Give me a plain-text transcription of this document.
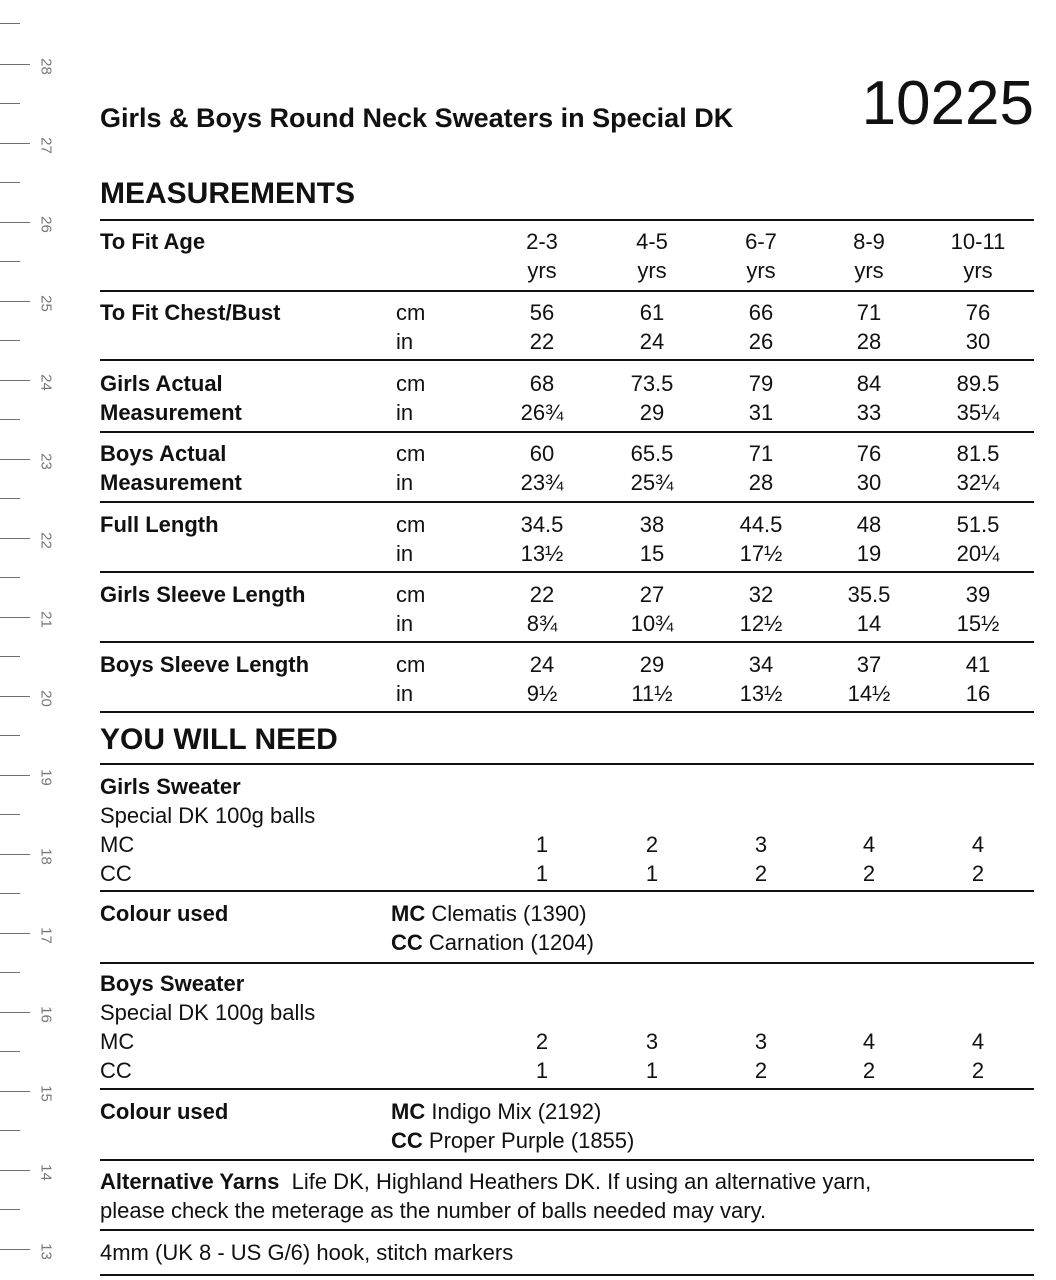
28
27
26
25
24
23
22
21
20
19
18
17
16
15
14
13
10225
Girls & Boys Round Neck Sweaters in Special DK
MEASUREMENTS
To Fit Age	2-3	4-5	6-7	8-9	10-11
yrs	yrs	yrs	yrs	yrs
To Fit Chest/Bust	cm	56	61	66	71	76
in	22	24	26	28	30
Girls Actual	cm	68	73.5	79	84	89.5
Measurement	in	26¾	29	31	33	35¼
Boys Actual	cm	60	65.5	71	76	81.5
Measurement	in	23¾	25¾	28	30	32¼
Full Length	cm	34.5	38	44.5	48	51.5
in	13½	15	17½	19	20¼
Girls Sleeve Length	cm	22	27	32	35.5	39
in	8¾	10¾	12½	14	15½
Boys Sleeve Length	cm	24	29	34	37	41
in	9½	11½	13½	14½	16
YOU WILL NEED
Girls Sweater
Special DK 100g balls
MC	1	2	3	4	4
CC	1	1	2	2	2
Colour used	MC Clematis (1390)
CC Carnation (1204)
Boys Sweater
Special DK 100g balls
MC	2	3	3	4	4
CC	1	1	2	2	2
Colour used	MC Indigo Mix (2192)
CC Proper Purple (1855)
Alternative Yarns Life DK, Highland Heathers DK. If using an alternative yarn,
please check the meterage as the number of balls needed may vary.
4mm (UK 8 - US G/6) hook, stitch markers
